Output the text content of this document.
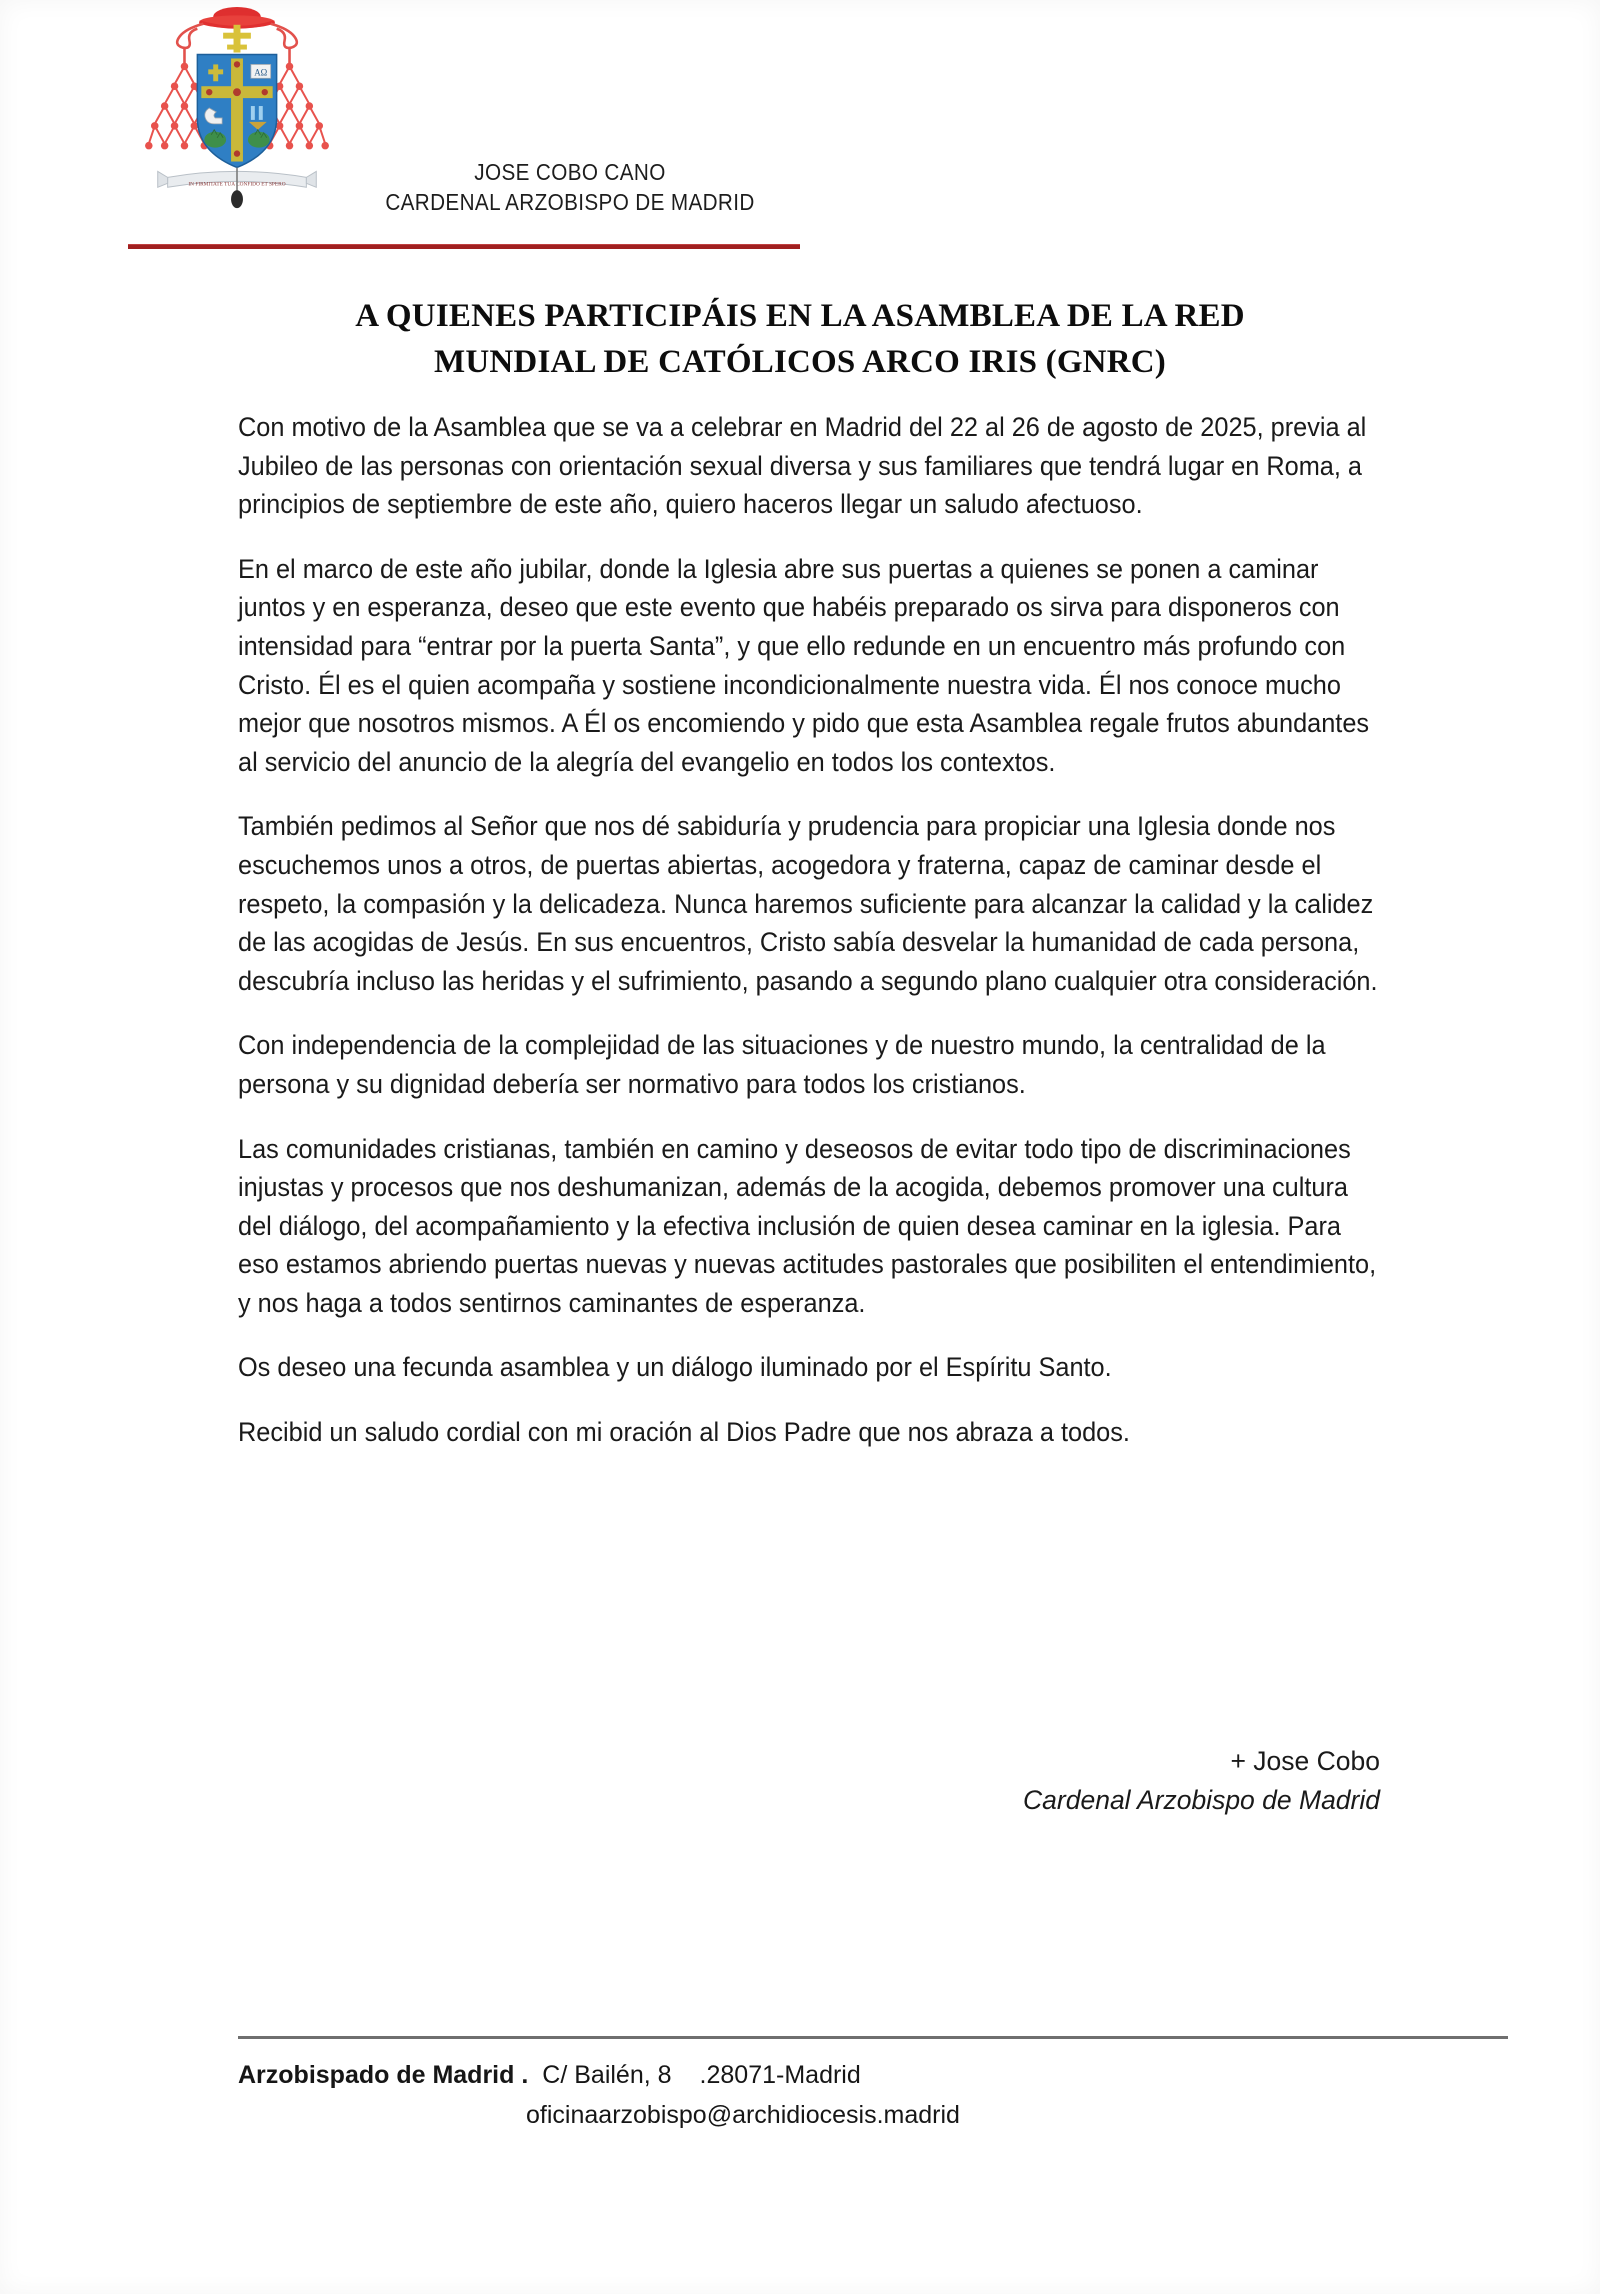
AΩ
IN FIRMITATE TUA CONFIDO ET SPERO	JOSE COBO CANO
CARDENAL ARZOBISPO DE MADRID
A QUIENES PARTICIPÁIS EN LA ASAMBLEA DE LA RED
MUNDIAL DE CATÓLICOS ARCO IRIS (GNRC)

Con motivo de la Asamblea que se va a celebrar en Madrid del 22 al 26 de agosto de 2025, previa al Jubileo de las personas con orientación sexual diversa y sus familiares que tendrá lugar en Roma, a principios de septiembre de este año, quiero haceros llegar un saludo afectuoso.

En el marco de este año jubilar, donde la Iglesia abre sus puertas a quienes se ponen a caminar juntos y en esperanza, deseo que este evento que habéis preparado os sirva para disponeros con intensidad para “entrar por la puerta Santa”, y que ello redunde en un encuentro más profundo con Cristo. Él es el quien acompaña y sostiene incondicionalmente nuestra vida. Él nos conoce mucho mejor que nosotros mismos. A Él os encomiendo y pido que esta Asamblea regale frutos abundantes al servicio del anuncio de la alegría del evangelio en todos los contextos.

También pedimos al Señor que nos dé sabiduría y prudencia para propiciar una Iglesia donde nos escuchemos unos a otros, de puertas abiertas, acogedora y fraterna, capaz de caminar desde el respeto, la compasión y la delicadeza. Nunca haremos suficiente para alcanzar la calidad y la calidez de las acogidas de Jesús. En sus encuentros, Cristo sabía desvelar la humanidad de cada persona, descubría incluso las heridas y el sufrimiento, pasando a segundo plano cualquier otra consideración.

Con independencia de la complejidad de las situaciones y de nuestro mundo, la centralidad de la persona y su dignidad debería ser normativo para todos los cristianos.

Las comunidades cristianas, también en camino y deseosos de evitar todo tipo de discriminaciones injustas y procesos que nos deshumanizan, además de la acogida, debemos promover una cultura del diálogo, del acompañamiento y la efectiva inclusión de quien desea caminar en la iglesia. Para eso estamos abriendo puertas nuevas y nuevas actitudes pastorales que posibiliten el entendimiento, y nos haga a todos sentirnos caminantes de esperanza.

Os deseo una fecunda asamblea y un diálogo iluminado por el Espíritu Santo.

Recibid un saludo cordial con mi oración al Dios Padre que nos abraza a todos.

+ Jose Cobo
Cardenal Arzobispo de Madrid
Arzobispado de Madrid . C/ Bailén, 8 .28071-Madrid
oficinaarzobispo@archidiocesis.madrid
